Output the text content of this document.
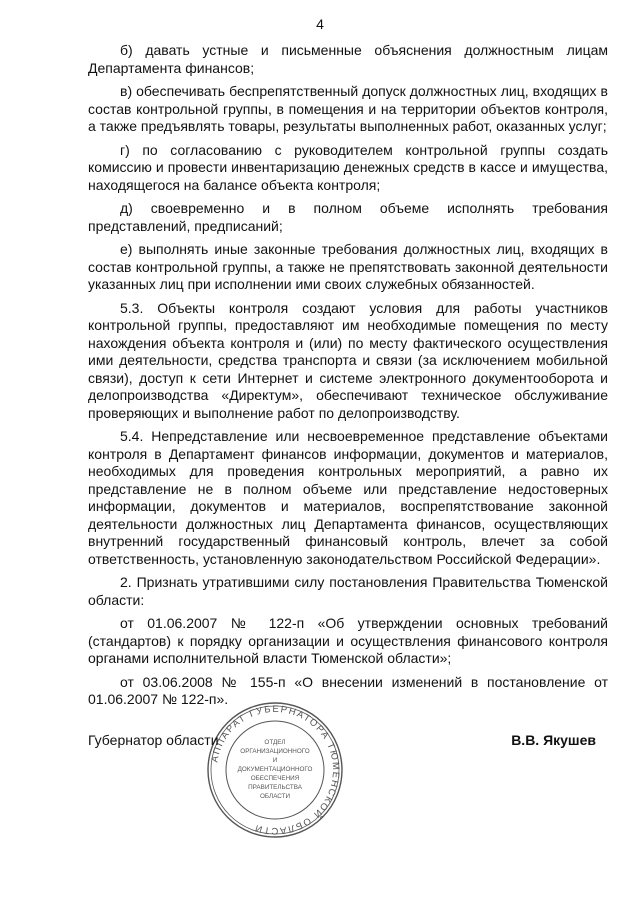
4

б) давать устные и письменные объяснения должностным лицам Департамента финансов;

в) обеспечивать беспрепятственный допуск должностных лиц, входящих в состав контрольной группы, в помещения и на территории объектов контроля, а также предъявлять товары, результаты выполненных работ, оказанных услуг;

г) по согласованию с руководителем контрольной группы создать комиссию и провести инвентаризацию денежных средств в кассе и имущества, находящегося на балансе объекта контроля;

д) своевременно и в полном объеме исполнять требования представлений, предписаний;

е) выполнять иные законные требования должностных лиц, входящих в состав контрольной группы, а также не препятствовать законной деятельности указанных лиц при исполнении ими своих служебных обязанностей.

5.3. Объекты контроля создают условия для работы участников контрольной группы, предоставляют им необходимые помещения по месту нахождения объекта контроля и (или) по месту фактического осуществления ими деятельности, средства транспорта и связи (за исключением мобильной связи), доступ к сети Интернет и системе электронного документооборота и делопроизводства «Директум», обеспечивают техническое обслуживание проверяющих и выполнение работ по делопроизводству.

5.4. Непредставление или несвоевременное представление объектами контроля в Департамент финансов информации, документов и материалов, необходимых для проведения контрольных мероприятий, а равно их представление не в полном объеме или представление недостоверных информации, документов и материалов, воспрепятствование законной деятельности должностных лиц Департамента финансов, осуществляющих внутренний государственный финансовый контроль, влечет за собой ответственность, установленную законодательством Российской Федерации».

2. Признать утратившими силу постановления Правительства Тюменской области:

от 01.06.2007 № 122-п «Об утверждении основных требований (стандартов) к порядку организации и осуществления финансового контроля органами исполнительной власти Тюменской области»;

от 03.06.2008 № 155-п «О внесении изменений в постановление от 01.06.2007 № 122-п».

АППАРАТ ГУБЕРНАТОРА ТЮМЕНСКОЙ ОБЛАСТИ
ОТДЕЛ
ОРГАНИЗАЦИОННОГО
И
ДОКУМЕНТАЦИОННОГО
ОБЕСПЕЧЕНИЯ
ПРАВИТЕЛЬСТВА
ОБЛАСТИ
Губернатор области	В.В. Якушев
